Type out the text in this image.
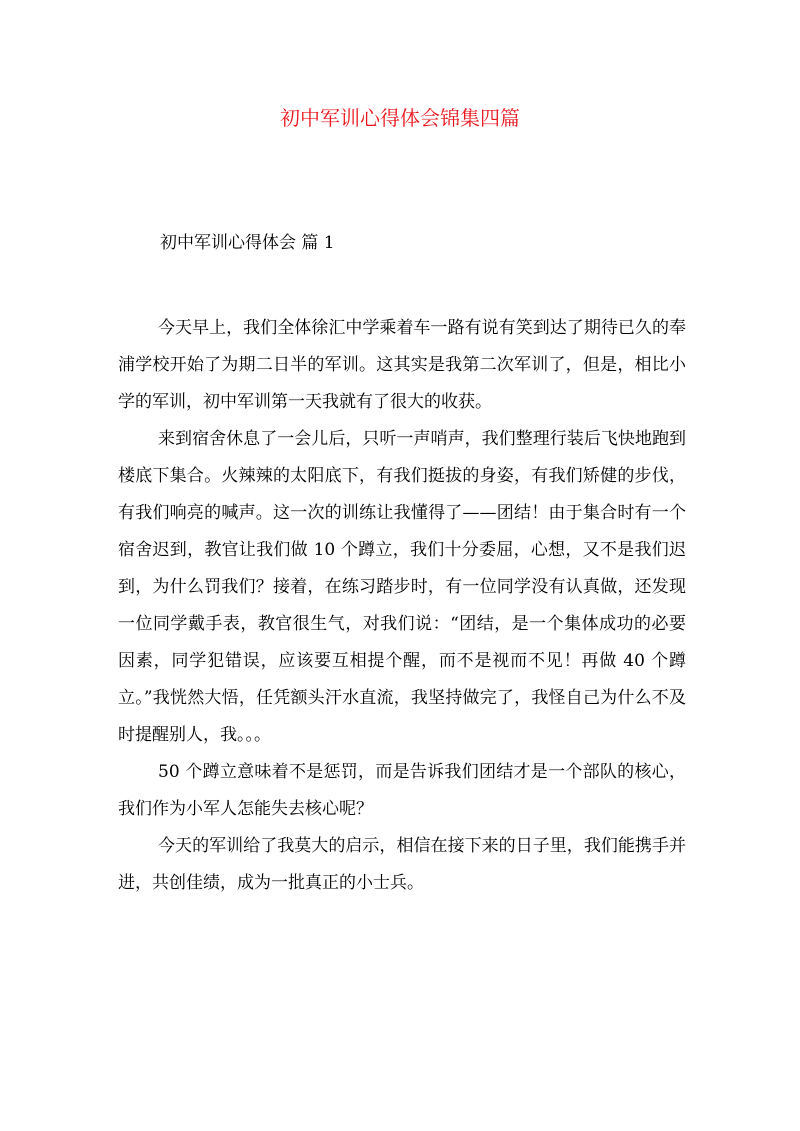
初中军训心得体会锦集四篇
初中军训心得体会 篇 1

今天早上，我们全体徐汇中学乘着车一路有说有笑到达了期待已久的奉浦学校开始了为期二日半的军训。这其实是我第二次军训了，但是，相比小学的军训，初中军训第一天我就有了很大的收获。

来到宿舍休息了一会儿后，只听一声哨声，我们整理行装后飞快地跑到楼底下集合。火辣辣的太阳底下，有我们挺拔的身姿，有我们矫健的步伐，有我们响亮的喊声。这一次的训练让我懂得了——团结！由于集合时有一个宿舍迟到，教官让我们做 10 个蹲立，我们十分委屈，心想，又不是我们迟到，为什么罚我们？接着，在练习踏步时，有一位同学没有认真做，还发现一位同学戴手表，教官很生气，对我们说：“团结，是一个集体成功的必要因素，同学犯错误，应该要互相提个醒，而不是视而不见！再做 40 个蹲立。”我恍然大悟，任凭额头汗水直流，我坚持做完了，我怪自己为什么不及时提醒别人，我。。。

50 个蹲立意味着不是惩罚，而是告诉我们团结才是一个部队的核心，我们作为小军人怎能失去核心呢？

今天的军训给了我莫大的启示，相信在接下来的日子里，我们能携手并进，共创佳绩，成为一批真正的小士兵。
